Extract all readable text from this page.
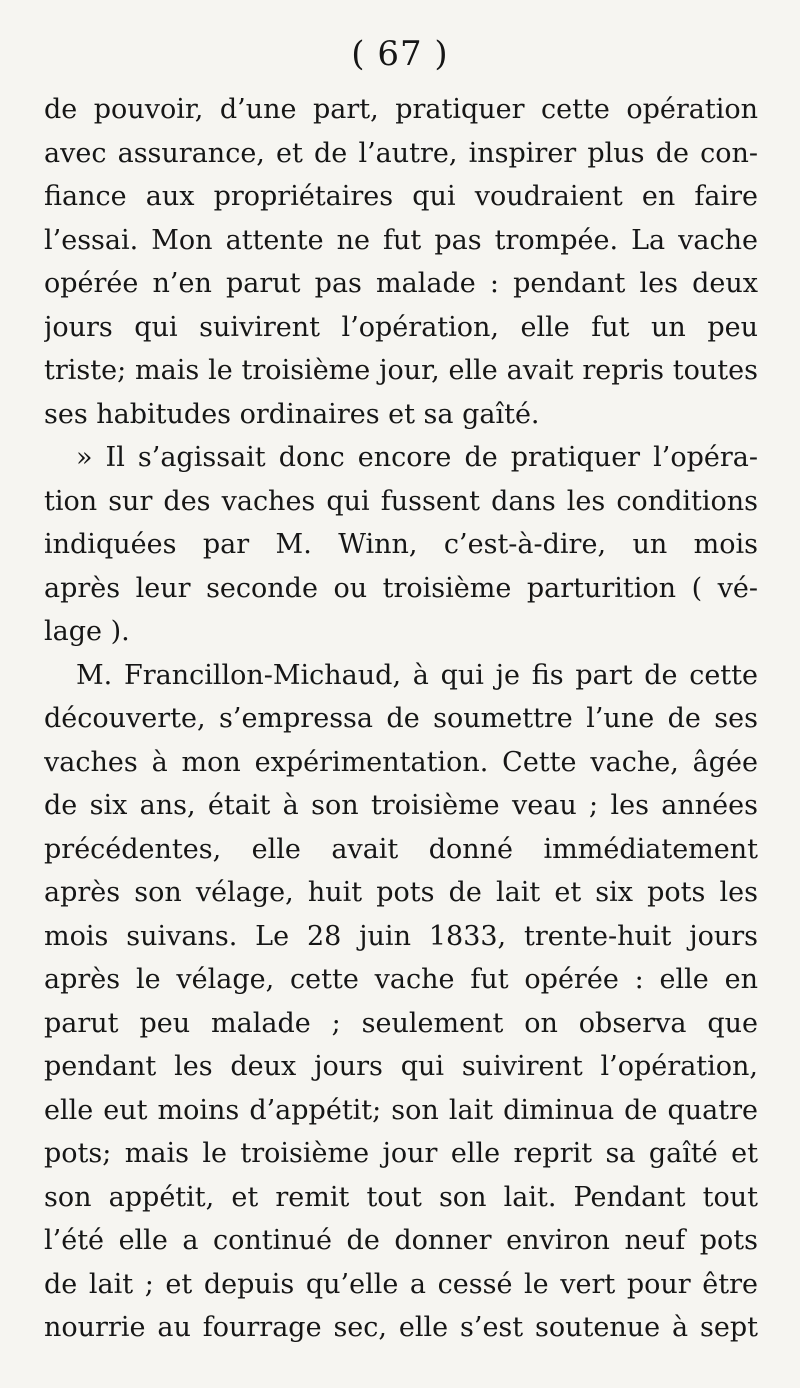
( 67 )
de pouvoir, d’une part, pratiquer cette opération
avec assurance, et de l’autre, inspirer plus de con-
fiance aux propriétaires qui voudraient en faire
l’essai. Mon attente ne fut pas trompée. La vache
opérée n’en parut pas malade : pendant les deux
jours qui suivirent l’opération, elle fut un peu
triste; mais le troisième jour, elle avait repris toutes
ses habitudes ordinaires et sa gaîté.
» Il s’agissait donc encore de pratiquer l’opéra-
tion sur des vaches qui fussent dans les conditions
indiquées par M. Winn, c’est-à-dire, un mois
après leur seconde ou troisième parturition ( vé-
lage ).
M. Francillon-Michaud, à qui je fis part de cette
découverte, s’empressa de soumettre l’une de ses
vaches à mon expérimentation. Cette vache, âgée
de six ans, était à son troisième veau ; les années
précédentes, elle avait donné immédiatement
après son vélage, huit pots de lait et six pots les
mois suivans. Le 28 juin 1833, trente-huit jours
après le vélage, cette vache fut opérée : elle en
parut peu malade ; seulement on observa que
pendant les deux jours qui suivirent l’opération,
elle eut moins d’appétit; son lait diminua de quatre
pots; mais le troisième jour elle reprit sa gaîté et
son appétit, et remit tout son lait. Pendant tout
l’été elle a continué de donner environ neuf pots
de lait ; et depuis qu’elle a cessé le vert pour être
nourrie au fourrage sec, elle s’est soutenue à sept
